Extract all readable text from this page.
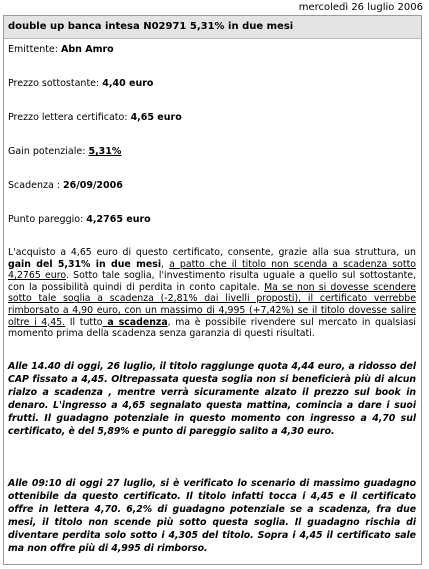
mercoledì 26 luglio 2006
double up banca intesa N02971 5,31% in due mesi

Emittente: Abn Amro

Prezzo sottostante: 4,40 euro

Prezzo lettera certificato: 4,65 euro

Gain potenziale: 5,31%

Scadenza : 26/09/2006

Punto pareggio: 4,2765 euro

L'acquisto a 4,65 euro di questo certificato, consente, grazie alla sua struttura, un gain del 5,31% in due mesi, a patto che il titolo non scenda a scadenza sotto 4,2765 euro. Sotto tale soglia, l'investimento risulta uguale a quello sul sottostante, con la possibilità quindi di perdita in conto capitale. Ma se non si dovesse scendere sotto tale soglia a scadenza (-2,81% dai livelli proposti), il certificato verrebbe rimborsato a 4,90 euro, con un massimo di 4,995 (+7,42%) se il titolo dovesse salire oltre i 4,45. Il tutto a scadenza, ma è possibile rivendere sul mercato in qualsiasi momento prima della scadenza senza garanzia di questi risultati.

Alle 14.40 di oggi, 26 luglio, il titolo raggiunge quota 4,44 euro, a ridosso del CAP fissato a 4,45. Oltrepassata questa soglia non si beneficierà più di alcun rialzo a scadenza , mentre verrà sicuramente alzato il prezzo sul book in denaro. L'ingresso a 4,65 segnalato questa mattina, comincia a dare i suoi frutti. Il guadagno potenziale in questo momento con ingresso a 4,70 sul certificato, è del 5,89% e punto di pareggio salito a 4,30 euro.

Alle 09:10 di oggi 27 luglio, si è verificato lo scenario di massimo guadagno ottenibile da questo certificato. Il titolo infatti tocca i 4,45 e il certificato offre in lettera 4,70. 6,2% di guadagno potenziale se a scadenza, fra due mesi, il titolo non scende più sotto questa soglia. Il guadagno rischia di diventare perdita solo sotto i 4,305 del titolo. Sopra i 4,45 il certificato sale ma non offre più di 4,995 di rimborso.
